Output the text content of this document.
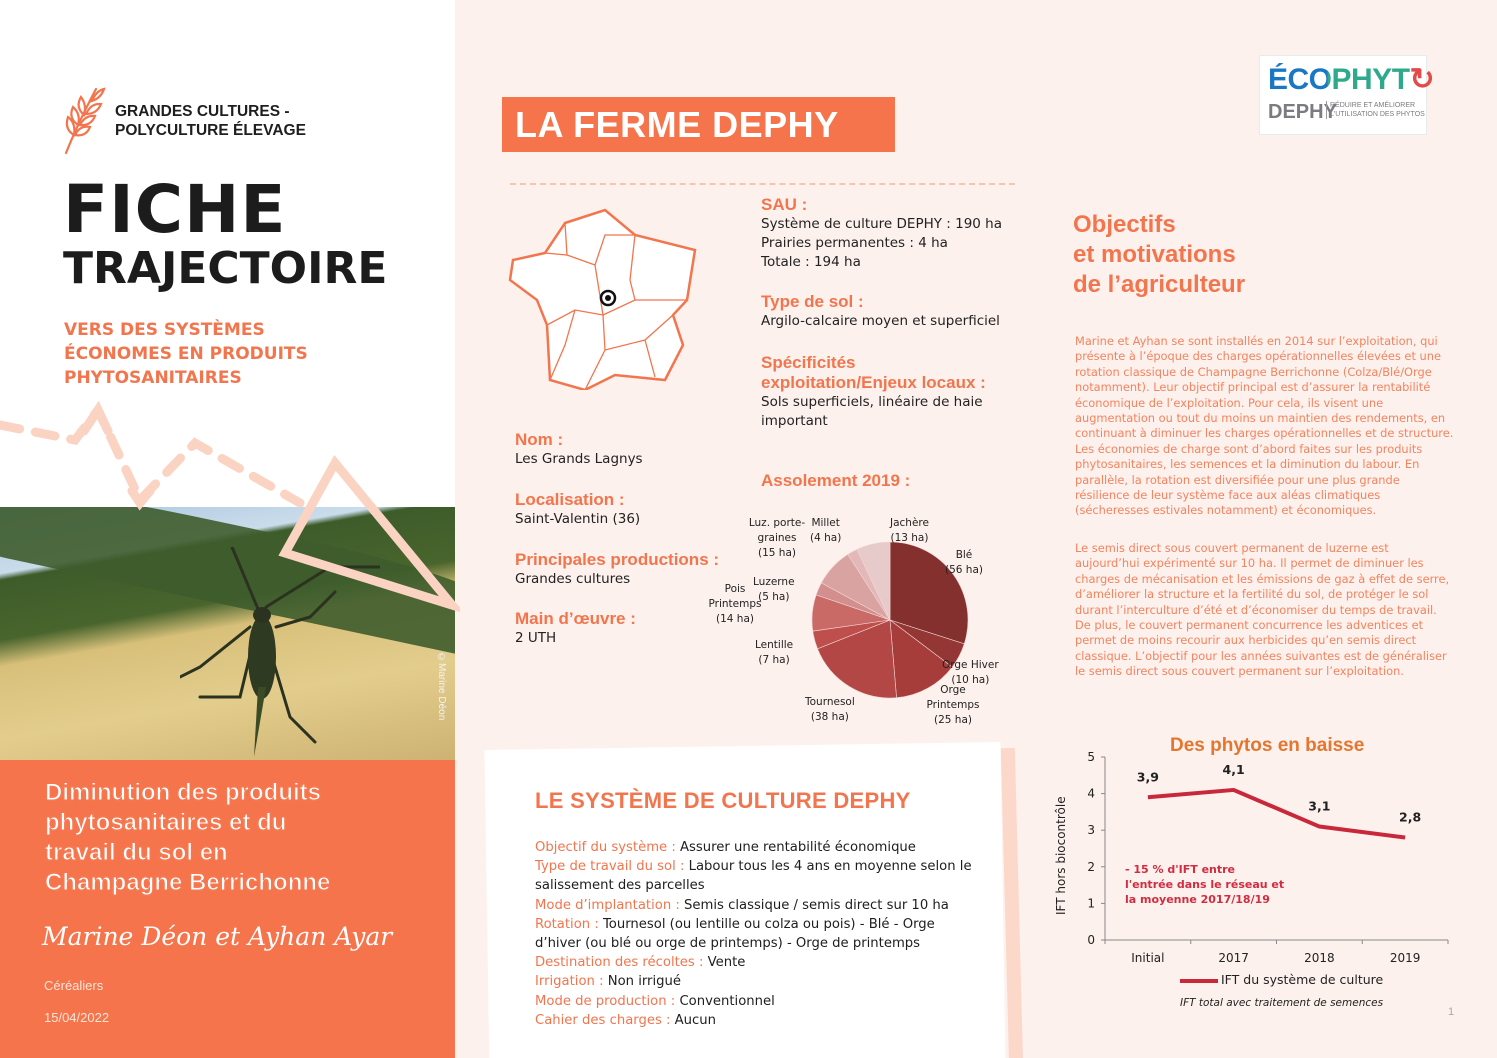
GRANDES CULTURES -
POLYCULTURE ÉLEVAGE
FICHE
TRAJECTOIRE
VERS DES SYSTÈMES
ÉCONOMES EN PRODUITS
PHYTOSANITAIRES
©Marine Déon
Diminution des produits
phytosanitaires et du
travail du sol en
Champagne Berrichonne
Marine Déon et Ayhan Ayar
Céréaliers
15/04/2022
LA FERME DEPHY
SAU :
Système de culture DEPHY : 190 ha
Prairies permanentes : 4 ha
Totale : 194 ha
Type de sol :
Argilo-calcaire moyen et superficiel
Spécificités
exploitation/Enjeux locaux :
Sols superficiels, linéaire de haie
important
Nom :
Les Grands Lagnys
Localisation :
Saint-Valentin (36)
Principales productions :
Grandes cultures
Main d’œuvre :
2 UTH
Assolement 2019 :
Blé
(56 ha)
Orge Hiver
(10 ha)
Orge Printemps
(25 ha)
Tournesol
(38 ha)
Lentille
(7 ha)
Pois Printemps
(14 ha)
Luzerne
(5 ha)
Luz. porte-graines
(15 ha)
Millet
(4 ha)
Jachère
(13 ha)
LE SYSTÈME DE CULTURE DEPHY
Objectif du système : Assurer une rentabilité économique
Type de travail du sol : Labour tous les 4 ans en moyenne selon le salissement des parcelles
Mode d’implantation : Semis classique / semis direct sur 10 ha
Rotation : Tournesol (ou lentille ou colza ou pois) - Blé - Orge d’hiver (ou blé ou orge de printemps) - Orge de printemps
Destination des récoltes : Vente
Irrigation : Non irrigué
Mode de production : Conventionnel
Cahier des charges : Aucun
ÉCOPHYT↻
DEPHY
RÉDUIRE ET AMÉLIORER
L'UTILISATION DES PHYTOS
Objectifs
et motivations
de l’agriculteur
Marine et Ayhan se sont installés en 2014 sur l’exploitation, qui présente à l’époque des charges opérationnelles élevées et une rotation classique de Champagne Berrichonne (Colza/Blé/Orge notamment). Leur objectif principal est d’assurer la rentabilité économique de l’exploitation. Pour cela, ils visent une augmentation ou tout du moins un maintien des rendements, en continuant à diminuer les charges opérationnelles et de structure. Les économies de charge sont d’abord faites sur les produits phytosanitaires, les semences et la diminution du labour. En parallèle, la rotation est diversifiée pour une plus grande résilience de leur système face aux aléas climatiques (sécheresses estivales notamment) et économiques.
Le semis direct sous couvert permanent de luzerne est aujourd’hui expérimenté sur 10 ha. Il permet de diminuer les charges de mécanisation et les émissions de gaz à effet de serre, d’améliorer la structure et la fertilité du sol, de protéger le sol durant l’interculture d’été et d’économiser du temps de travail. De plus, le couvert permanent concurrence les adventices et permet de moins recourir aux herbicides qu’en semis direct classique. L’objectif pour les années suivantes est de généraliser le semis direct sous couvert permanent sur l’exploitation.
0
1
2
3
4
5
Initial	2017	2018	2019
3,9	4,1
3,1
2,8
Des phytos en baisse
IFT hors biocontrôle	- 15 % d'IFT entre
l'entrée dans le réseau et
la moyenne 2017/18/19
IFT du système de culture
IFT total avec traitement de semences
1
